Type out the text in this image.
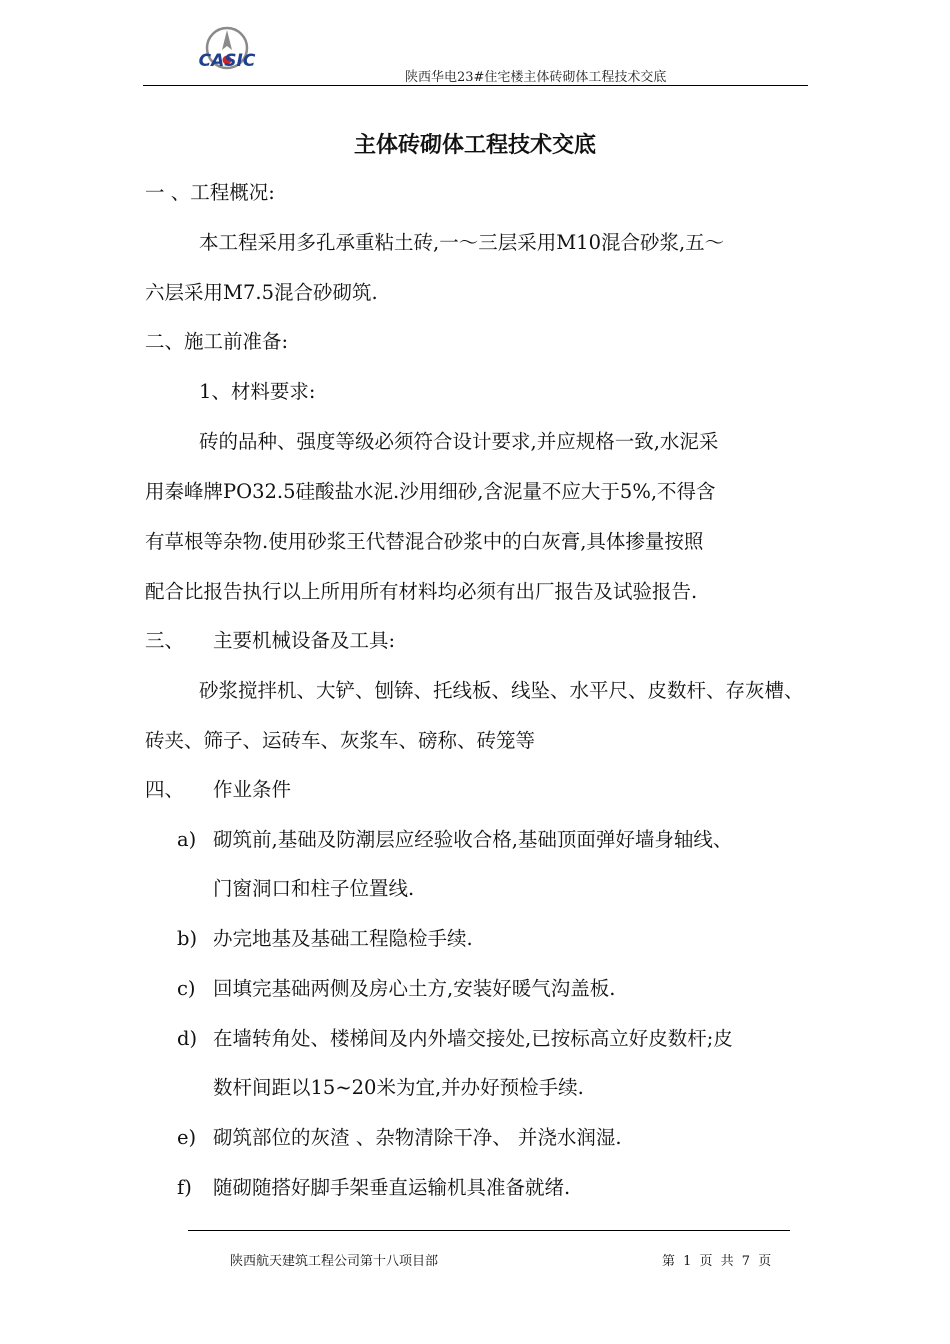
CASIC
陕西华电23#住宅楼主体砖砌体工程技术交底
主体砖砌体工程技术交底
一 、工程概况:
本工程采用多孔承重粘土砖,一～三层采用M10混合砂浆,五～
六层采用M7.5混合砂砌筑.
二、施工前准备:
1、材料要求:
砖的品种、强度等级必须符合设计要求,并应规格一致,水泥采
用秦峰牌PO32.5硅酸盐水泥.沙用细砂,含泥量不应大于5%,不得含
有草根等杂物.使用砂浆王代替混合砂浆中的白灰膏,具体掺量按照
配合比报告执行以上所用所有材料均必须有出厂报告及试验报告.
三、 主要机械设备及工具:
砂浆搅拌机、大铲、刨锛、托线板、线坠、水平尺、皮数杆、存灰槽、
砖夹、筛子、运砖车、灰浆车、磅称、砖笼等
四、 作业条件
a) 砌筑前,基础及防潮层应经验收合格,基础顶面弹好墙身轴线、
门窗洞口和柱子位置线.
b) 办完地基及基础工程隐检手续.
c) 回填完基础两侧及房心土方,安装好暖气沟盖板.
d) 在墙转角处、楼梯间及内外墙交接处,已按标高立好皮数杆;皮
数杆间距以15~20米为宜,并办好预检手续.
e) 砌筑部位的灰渣 、杂物清除干净、 并浇水润湿.
f) 随砌随搭好脚手架垂直运输机具准备就绪.
陕西航天建筑工程公司第十八项目部	第 1 页 共 7 页
